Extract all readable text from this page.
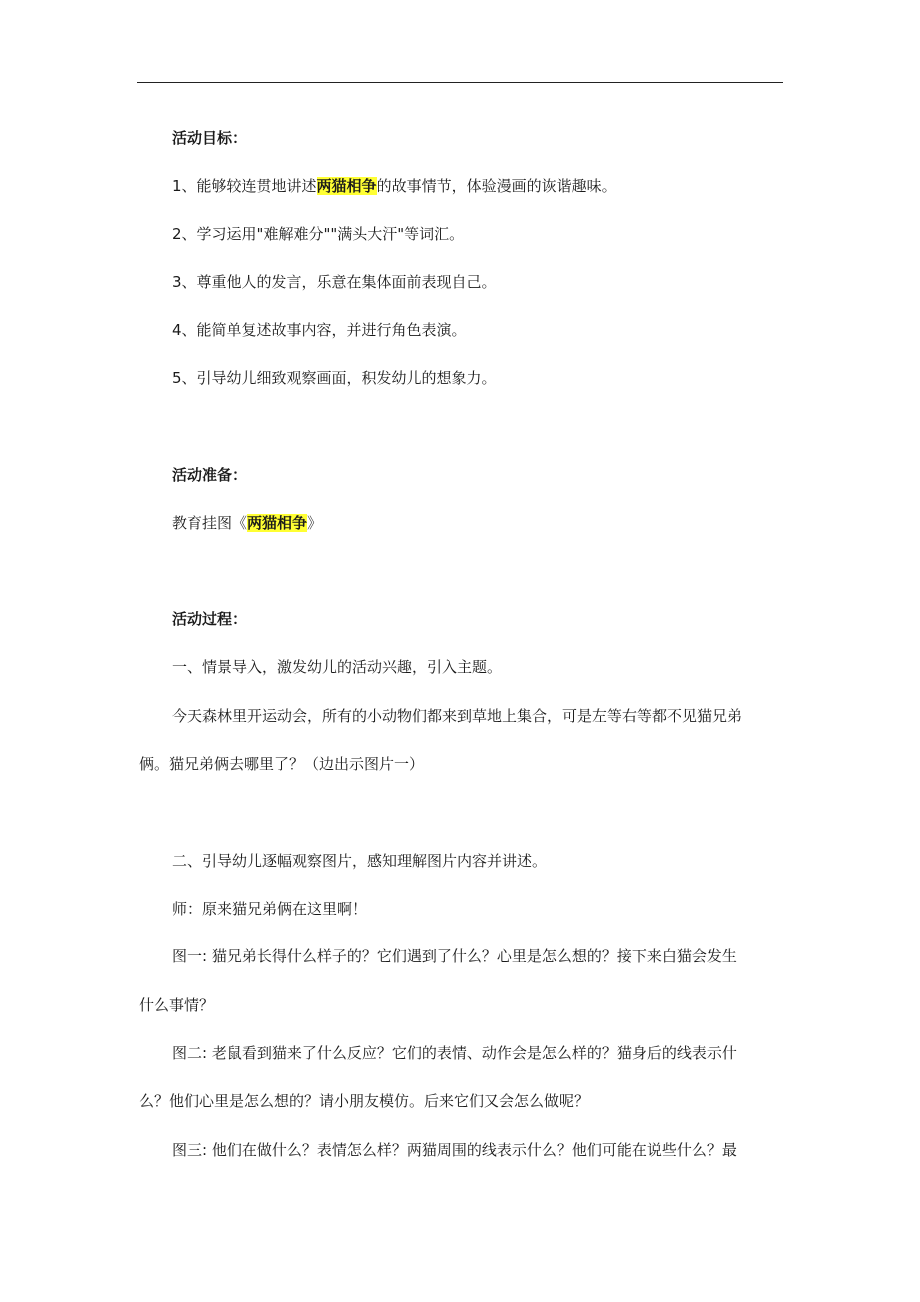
活动目标：
1、能够较连贯地讲述两猫相争的故事情节，体验漫画的诙谐趣味。
2、学习运用"难解难分""满头大汗"等词汇。
3、尊重他人的发言，乐意在集体面前表现自己。
4、能简单复述故事内容，并进行角色表演。
5、引导幼儿细致观察画面，积发幼儿的想象力。
活动准备：
教育挂图《两猫相争》
活动过程：
一、情景导入，激发幼儿的活动兴趣，引入主题。
今天森林里开运动会，所有的小动物们都来到草地上集合，可是左等右等都不见猫兄弟
俩。猫兄弟俩去哪里了？（边出示图片一）
二、引导幼儿逐幅观察图片，感知理解图片内容并讲述。
师：原来猫兄弟俩在这里啊！
图一: 猫兄弟长得什么样子的？它们遇到了什么？心里是怎么想的？接下来白猫会发生
什么事情？
图二: 老鼠看到猫来了什么反应？它们的表情、动作会是怎么样的？猫身后的线表示什
么？他们心里是怎么想的？请小朋友模仿。后来它们又会怎么做呢？
图三: 他们在做什么？表情怎么样？两猫周围的线表示什么？他们可能在说些什么？最
